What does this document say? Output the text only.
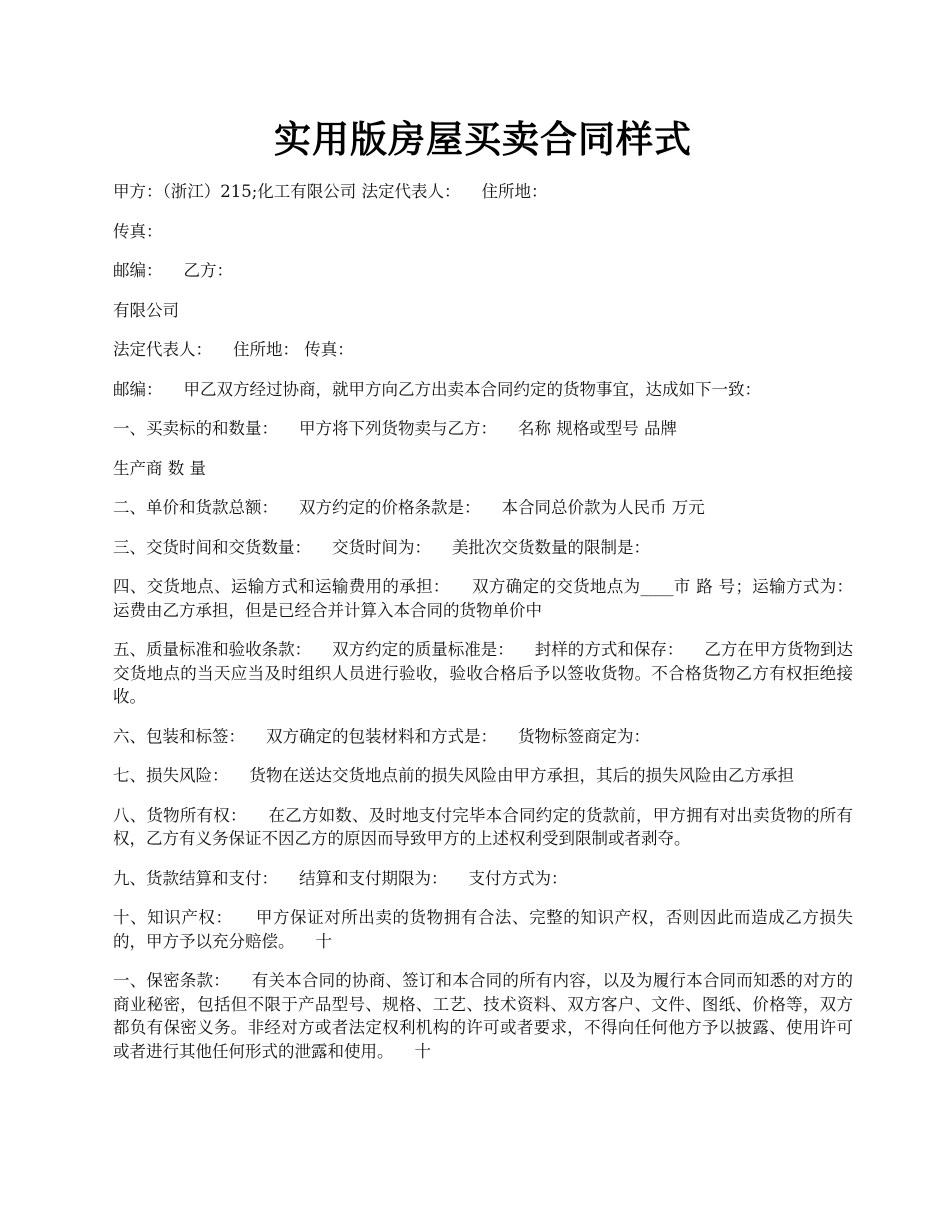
实用版房屋买卖合同样式

甲方：（浙江）215;化工有限公司 法定代表人：    住所地：

传真：

邮编：    乙方：

有限公司

法定代表人：    住所地： 传真：

邮编：    甲乙双方经过协商，就甲方向乙方出卖本合同约定的货物事宜，达成如下一致：

一、买卖标的和数量：    甲方将下列货物卖与乙方：    名称 规格或型号 品牌

生产商 数 量

二、单价和货款总额：    双方约定的价格条款是：    本合同总价款为人民币 万元

三、交货时间和交货数量：    交货时间为：    美批次交货数量的限制是：

四、交货地点、运输方式和运输费用的承担：    双方确定的交货地点为____市 路 号；运输方式为：    运费由乙方承担，但是已经合并计算入本合同的货物单价中

五、质量标准和验收条款：    双方约定的质量标准是：    封样的方式和保存：    乙方在甲方货物到达交货地点的当天应当及时组织人员进行验收，验收合格后予以签收货物。不合格货物乙方有权拒绝接收。

六、包装和标签：    双方确定的包装材料和方式是：    货物标签商定为：

七、损失风险：    货物在送达交货地点前的损失风险由甲方承担，其后的损失风险由乙方承担

八、货物所有权：    在乙方如数、及时地支付完毕本合同约定的货款前，甲方拥有对出卖货物的所有权，乙方有义务保证不因乙方的原因而导致甲方的上述权利受到限制或者剥夺。

九、货款结算和支付：    结算和支付期限为：    支付方式为：

十、知识产权：    甲方保证对所出卖的货物拥有合法、完整的知识产权，否则因此而造成乙方损失的，甲方予以充分赔偿。    十

一、保密条款：    有关本合同的协商、签订和本合同的所有内容，以及为履行本合同而知悉的对方的商业秘密，包括但不限于产品型号、规格、工艺、技术资料、双方客户、文件、图纸、价格等，双方都负有保密义务。非经对方或者法定权利机构的许可或者要求，不得向任何他方予以披露、使用许可或者进行其他任何形式的泄露和使用。    十
